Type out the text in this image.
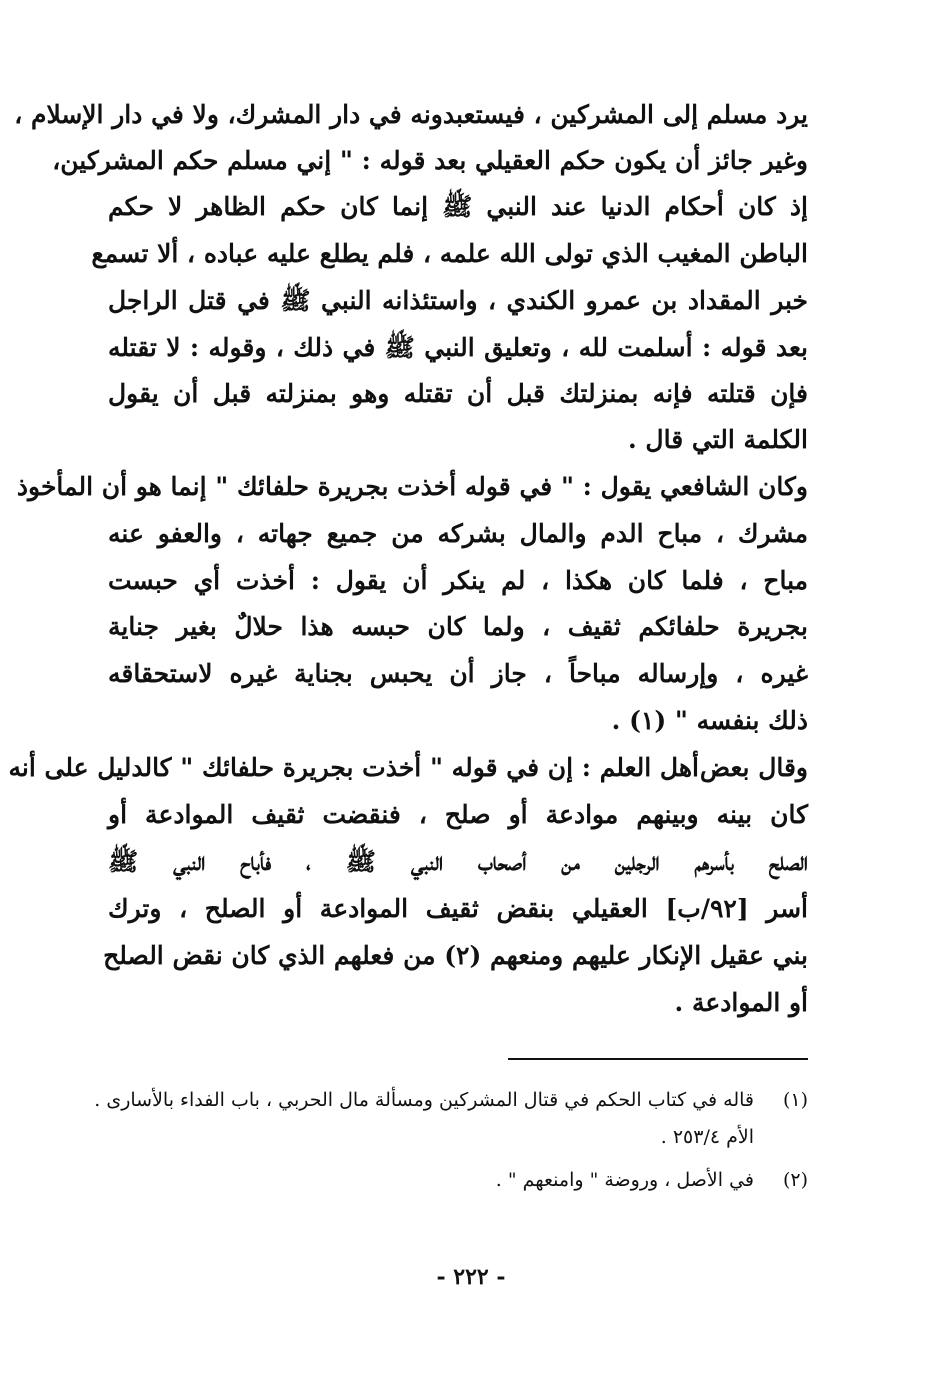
يرد مسلم إلى المشركين ، فيستعبدونه في دار المشرك، ولا في دار الإسلام ،

وغير جائز أن يكون حكم العقيلي بعد قوله : " إني مسلم حكم المشركين،

إذ كان أحكام الدنيا عند النبي ﷺ إنما كان حكم الظاهر لا حكم

الباطن المغيب الذي تولى الله علمه ، فلم يطلع عليه عباده ، ألا تسمع

خبر المقداد بن عمرو الكندي ، واستئذانه النبي ﷺ في قتل الراجل

بعد قوله : أسلمت لله ، وتعليق النبي ﷺ في ذلك ، وقوله : لا تقتله

فإن قتلته فإنه بمنزلتك قبل أن تقتله وهو بمنزلته قبل أن يقول

الكلمة التي قال .

وكان الشافعي يقول : " في قوله أخذت بجريرة حلفائك " إنما هو أن المأخوذ

مشرك ، مباح الدم والمال بشركه من جميع جهاته ، والعفو عنه

مباح ، فلما كان هكذا ، لم ينكر أن يقول : أخذت أي حبست

بجريرة حلفائكم ثقيف ، ولما كان حبسه هذا حلالٌ بغير جناية

غيره ، وإرساله مباحاً ، جاز أن يحبس بجناية غيره لاستحقاقه

ذلك بنفسه " (١) .

وقال بعض

أهل العلم : إن في قوله " أخذت بجريرة حلفائك " كالدليل على أنه

كان بينه وبينهم موادعة أو صلح ، فنقضت ثقيف الموادعة أو

الصلح بأسرهم الرجلين من أصحاب النبي ﷺ ، فأباح النبي ﷺ

أسر [٩٢/ب] العقيلي بنقض ثقيف الموادعة أو الصلح ، وترك

بني عقيل الإنكار عليهم ومنعهم (٢) من فعلهم الذي كان نقض الصلح

أو الموادعة .

(١)

قاله في كتاب الحكم في قتال المشركين ومسألة مال الحربي ، باب الفداء بالأسارى .

الأم ٢٥٣/٤ .

(٢)

في الأصل ، وروضة " وامنعهم " .

- ٢٢٢ -
